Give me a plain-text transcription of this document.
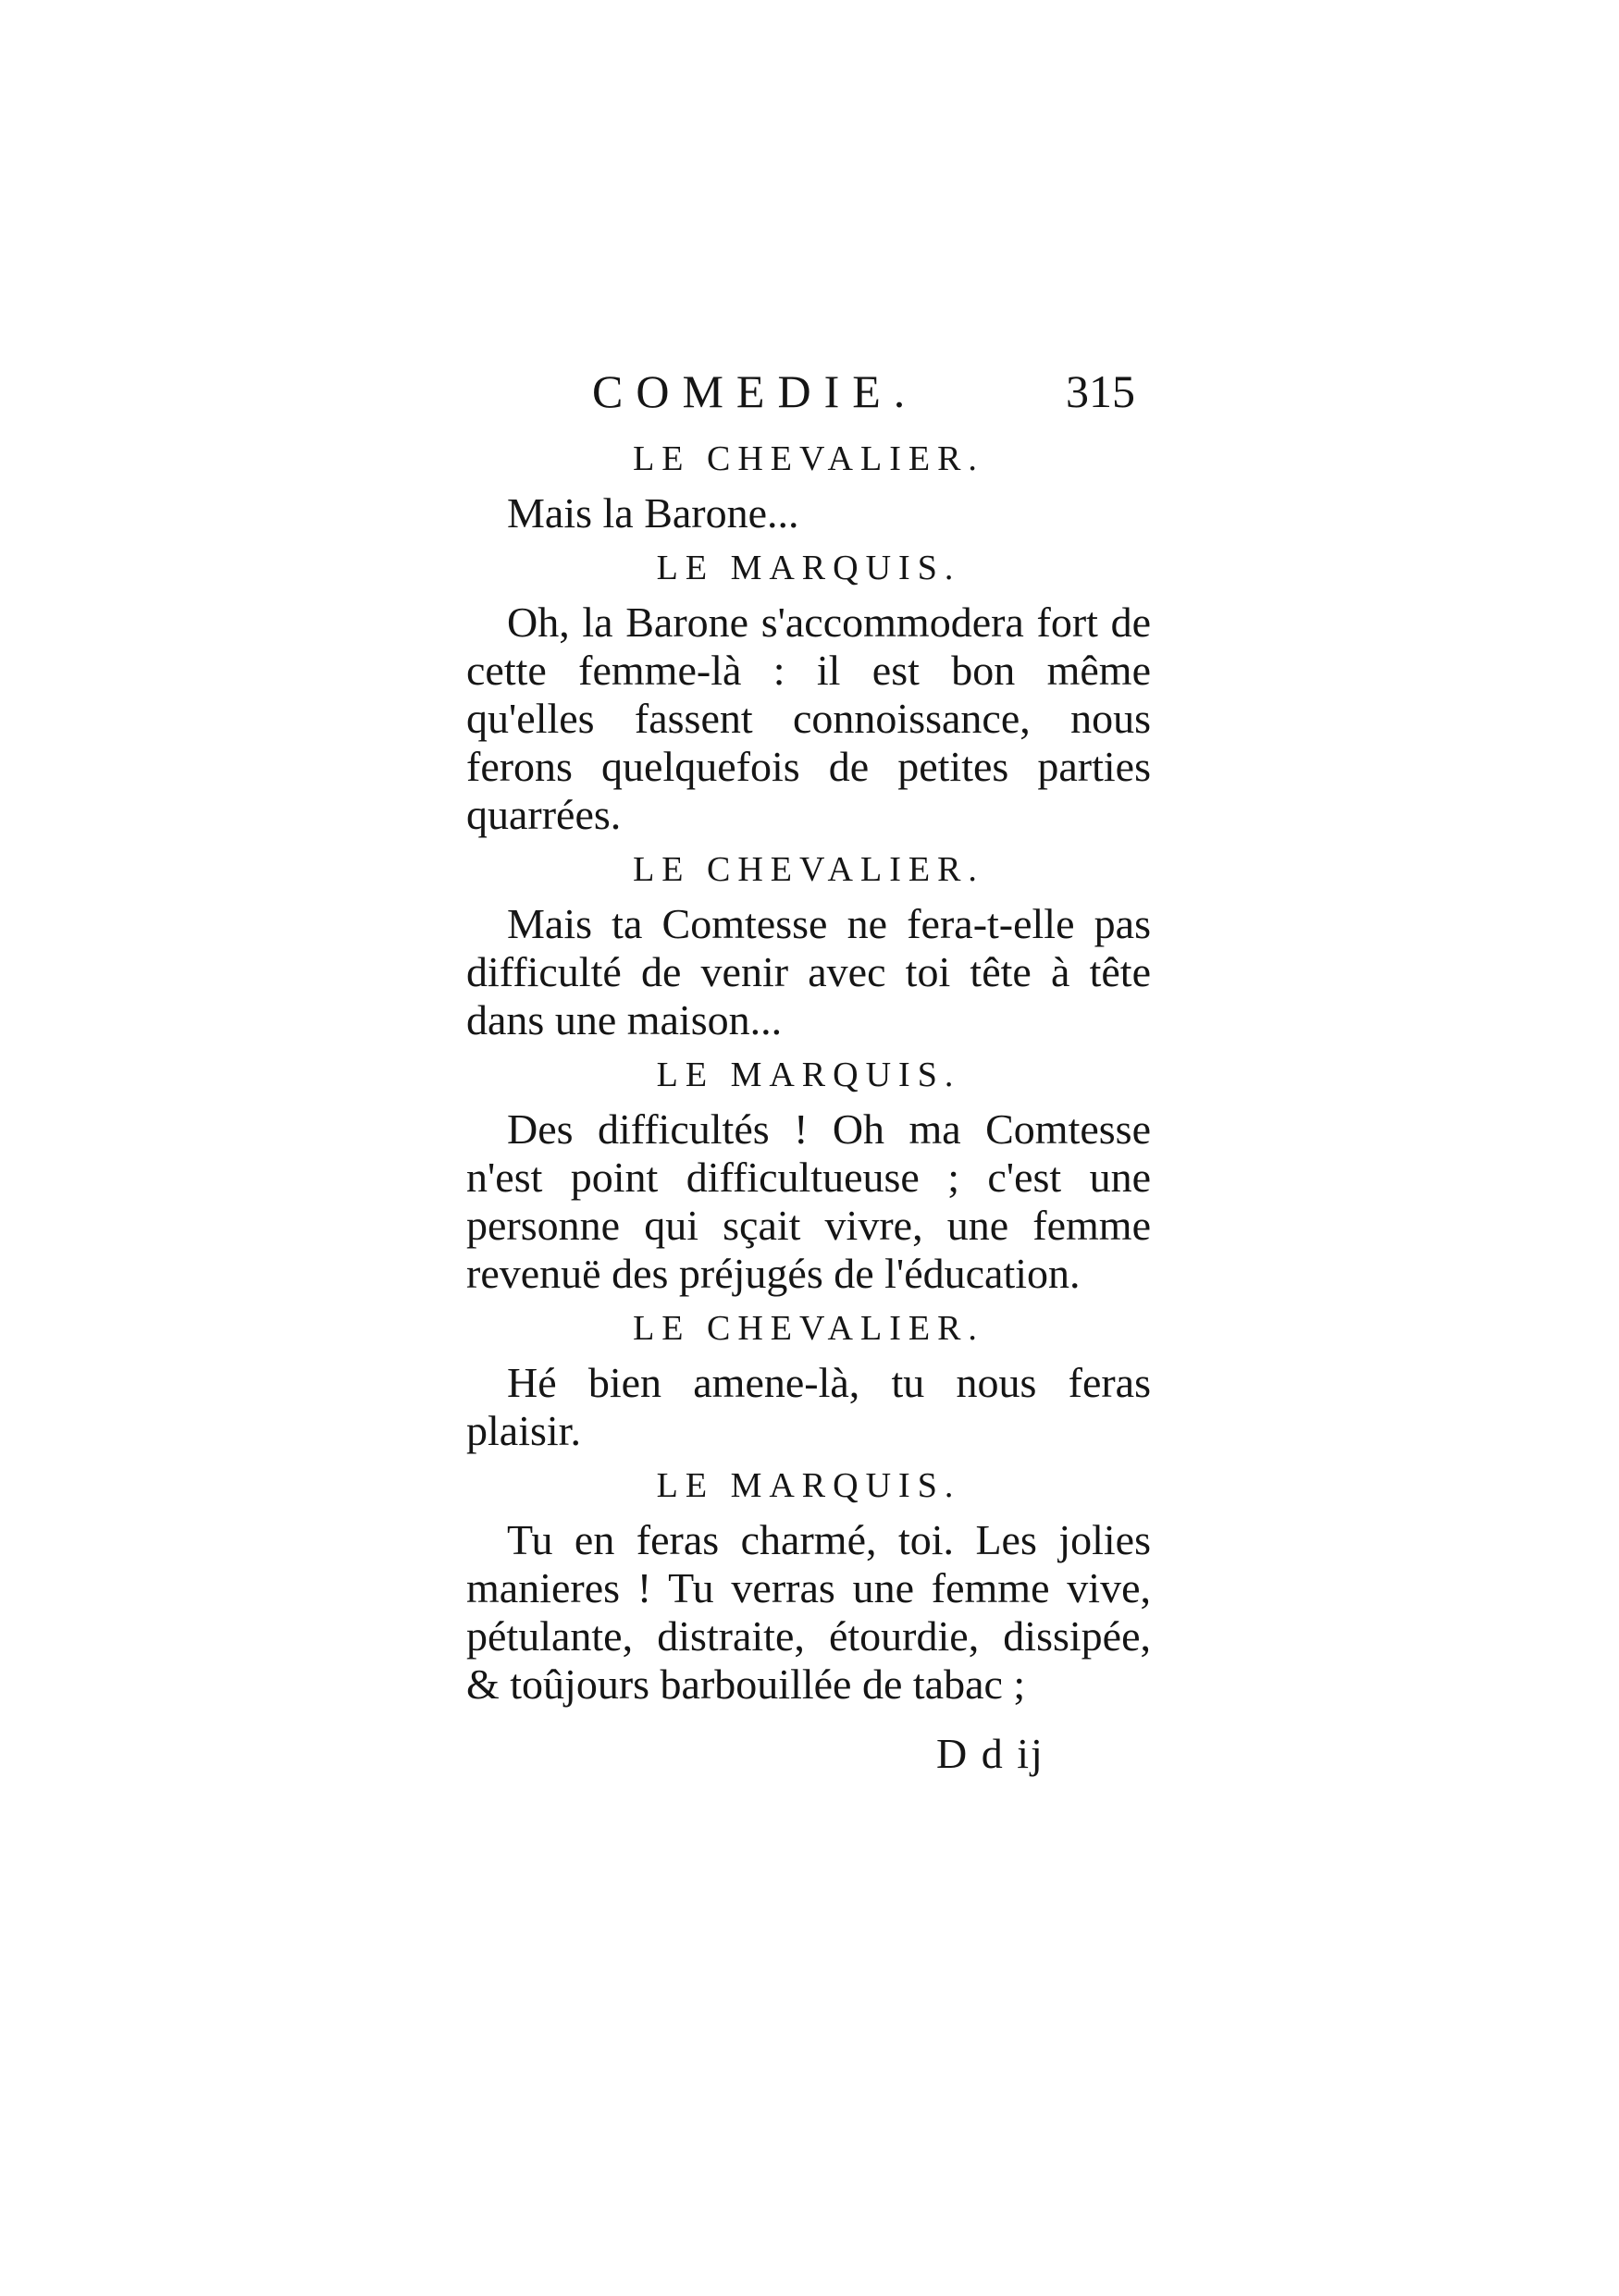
COMEDIE.	315
LE CHEVALIER.

Mais la Barone...

LE MARQUIS.

Oh, la Barone s'accommodera fort de cette femme-là : il est bon même qu'elles fassent connoissance, nous ferons quelquefois de petites parties quarrées.

LE CHEVALIER.

Mais ta Comtesse ne fera-t-elle pas difficulté de venir avec toi tête à tête dans une maison...

LE MARQUIS.

Des difficultés ! Oh ma Comtesse n'est point difficultueuse ; c'est une personne qui sçait vivre, une femme revenuë des préjugés de l'éducation.

LE CHEVALIER.

Hé bien amene-là, tu nous feras plaisir.

LE MARQUIS.

Tu en feras charmé, toi. Les jolies manieres ! Tu verras une femme vive, pétulante, distraite, étourdie, dissipée, & toûjours barbouillée de tabac ;

D d ij
